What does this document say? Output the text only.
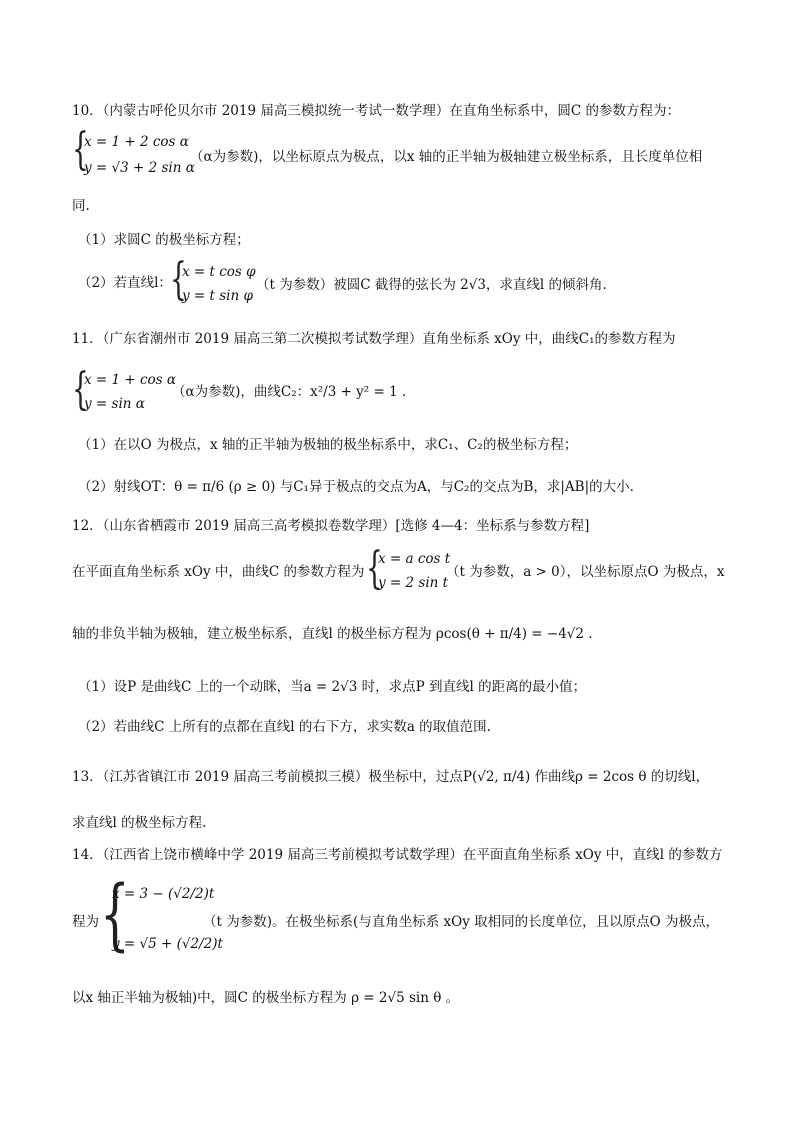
10．（内蒙古呼伦贝尔市 2019 届高三模拟统一考试一数学理）在直角坐标系中，圆C 的参数方程为：
{
x = 1 + 2 cos α
y = √3 + 2 sin α
（α为参数)，以坐标原点为极点，以x 轴的正半轴为极轴建立极坐标系，且长度单位相
同.
（1）求圆C 的极坐标方程；
（2）若直线l：
{
x = t cos φ
y = t sin φ
（t 为参数）被圆C 截得的弦长为 2√3，求直线l 的倾斜角.
11．（广东省潮州市 2019 届高三第二次模拟考试数学理）直角坐标系 xOy 中，曲线C₁的参数方程为
{
x = 1 + cos α
y = sin α
（α为参数)，曲线C₂：x²/3 + y² = 1 .
（1）在以O 为极点，x 轴的正半轴为极轴的极坐标系中，求C₁、C₂的极坐标方程；
（2）射线OT：θ = π/6 (ρ ≥ 0) 与C₁异于极点的交点为A，与C₂的交点为B，求|AB|的大小.
12．（山东省栖霞市 2019 届高三高考模拟卷数学理）[选修 4—4：坐标系与参数方程]
在平面直角坐标系 xOy 中，曲线C 的参数方程为 {
x = a cos t
y = 2 sin t
（t 为参数，a > 0），以坐标原点O 为极点，x
轴的非负半轴为极轴，建立极坐标系，直线l 的极坐标方程为 ρcos(θ + π/4) = −4√2 .
（1）设P 是曲线C 上的一个动眯，当a = 2√3 时，求点P 到直线l 的距离的最小值；
（2）若曲线C 上所有的点都在直线l 的右下方，求实数a 的取值范围.
13．（江苏省镇江市 2019 届高三考前模拟三模）极坐标中，过点P(√2, π/4) 作曲线ρ = 2cos θ 的切线l，
求直线l 的极坐标方程.
14．（江西省上饶市横峰中学 2019 届高三考前模拟考试数学理）在平面直角坐标系 xOy 中，直线l 的参数方
程为 {
x = 3 − (√2/2)t
y = √5 + (√2/2)t
（t 为参数)。在极坐标系(与直角坐标系 xOy 取相同的长度单位，且以原点O 为极点，
以x 轴正半轴为极轴)中，圆C 的极坐标方程为 ρ = 2√5 sin θ 。
